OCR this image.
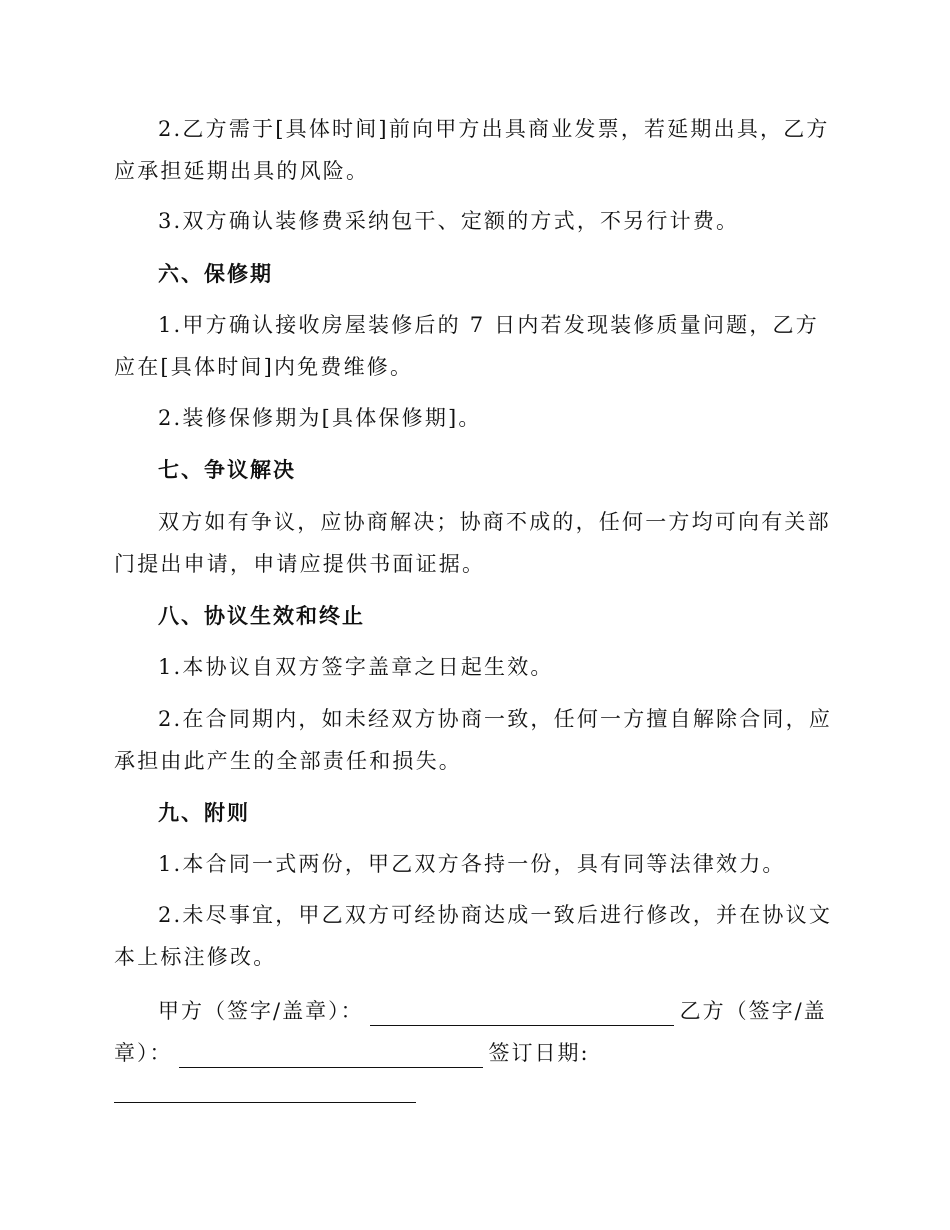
2.乙方需于[具体时间]前向甲方出具商业发票，若延期出具，乙方应承担延期出具的风险。

3.双方确认装修费采纳包干、定额的方式，不另行计费。

六、保修期

1.甲方确认接收房屋装修后的 7 日内若发现装修质量问题，乙方应在[具体时间]内免费维修。

2.装修保修期为[具体保修期]。

七、争议解决

双方如有争议，应协商解决；协商不成的，任何一方均可向有关部门提出申请，申请应提供书面证据。

八、协议生效和终止

1.本协议自双方签字盖章之日起生效。

2.在合同期内，如未经双方协商一致，任何一方擅自解除合同，应承担由此产生的全部责任和损失。

九、附则

1.本合同一式两份，甲乙双方各持一份，具有同等法律效力。

2.未尽事宜，甲乙双方可经协商达成一致后进行修改，并在协议文本上标注修改。

甲方（签字/盖章）：	乙方（签字/盖
章）：	签订日期:
